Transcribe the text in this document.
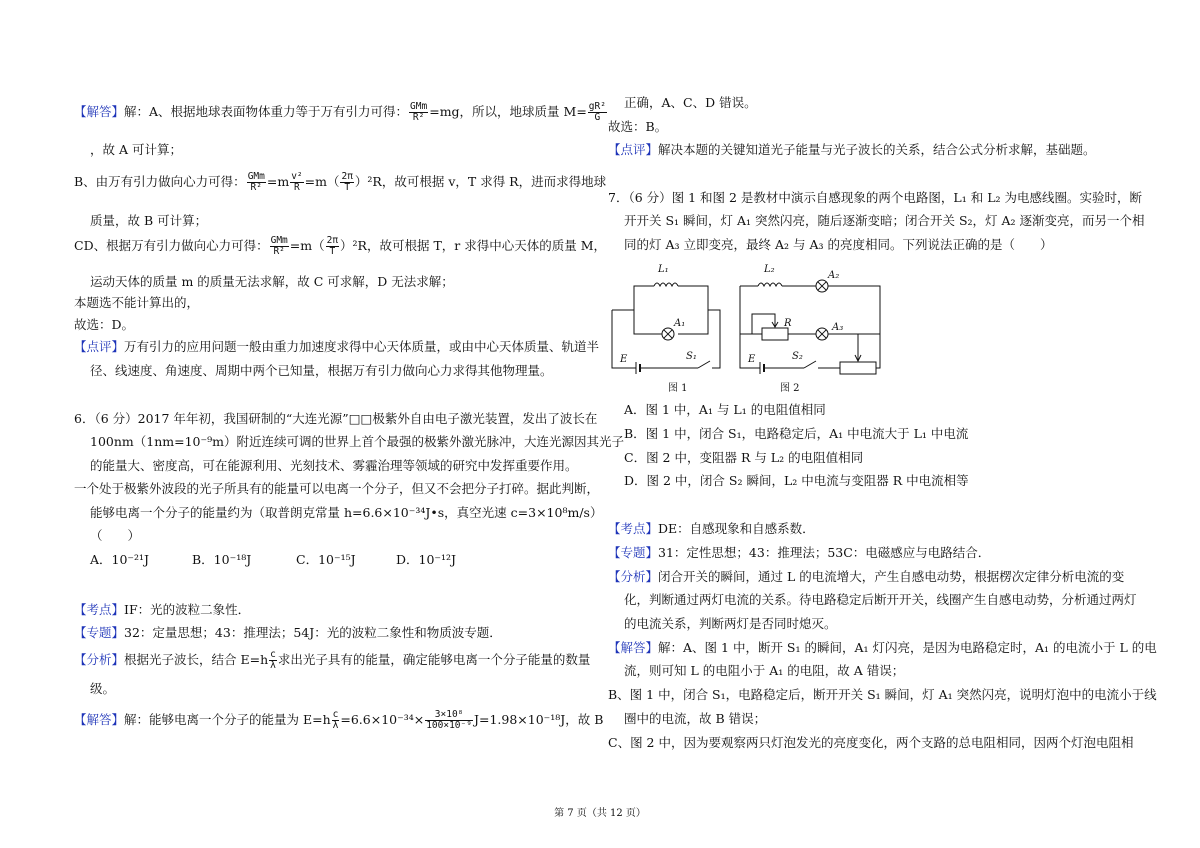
【解答】解：A、根据地球表面物体重力等于万有引力可得： $\frac{\text{GMm}}{\text{R²}} =mg$，所以，地球质量 $M= \frac{\text{gR²}}{G}$
，故 A 可计算；
B、由万有引力做向心力可得： $\frac{\text{GMm}}{\text{R²}} =m \frac{\text{v²}}{R} =m( \frac{2\pi}{T} )^2R$，故可根据 v，T 求得 R，进而求得地球
质量，故 B 可计算；
CD、根据万有引力做向心力可得： $\frac{\text{GMm}}{\text{R²}} =m( \frac{2\pi}{T} )^2R$，故可根据 T，r 求得中心天体的质量 M，
运动天体的质量 m 的质量无法求解，故 C 可求解，D 无法求解；
本题选不能计算出的，
故选：D。
【点评】万有引力的应用问题一般由重力加速度求得中心天体质量，或由中心天体质量、轨道半
径、线速度、角速度、周期中两个已知量，根据万有引力做向心力求得其他物理量。
6．（6 分）2017 年年初，我国研制的“大连光源”□□极紫外自由电子激光装置，发出了波长在
100nm（1nm=10⁻⁹m）附近连续可调的世界上首个最强的极紫外激光脉冲，大连光源因其光子
的能量大、密度高，可在能源利用、光刻技术、雾霾治理等领域的研究中发挥重要作用。
一个处于极紫外波段的光子所具有的能量可以电离一个分子，但又不会把分子打碎。据此判断，
能够电离一个分子的能量约为（取普朗克常量 h=6.6×10⁻³⁴J•s，真空光速 c=3×10⁸m/s）
（　　）
A．10⁻²¹J	B．10⁻¹⁸J	C．10⁻¹⁵J	D．10⁻¹²J
【考点】IF：光的波粒二象性．
【专题】32：定量思想；43：推理法；54J：光的波粒二象性和物质波专题．
【分析】根据光子波长，结合 $E=h \frac{c}{\lambda}$ 求出光子具有的能量，确定能够电离一个分子能量的数量
级。
【解答】解：能够电离一个分子的能量为 $E=h \frac{c}{\lambda} =6.6\times 10^{-34}\times \frac{\text{3×10⁸}}{\text{100×10⁻⁹}} J=1.98\times 10^{-18}J$，故 B
正确，A、C、D 错误。
故选：B。
【点评】解决本题的关键知道光子能量与光子波长的关系，结合公式分析求解，基础题。
7．（6 分）图 1 和图 2 是教材中演示自感现象的两个电路图，L₁ 和 L₂ 为电感线圈。实验时，断
开开关 S₁ 瞬间，灯 A₁ 突然闪亮，随后逐渐变暗；闭合开关 S₂，灯 A₂ 逐渐变亮，而另一个相
同的灯 A₃ 立即变亮，最终 A₂ 与 A₃ 的亮度相同。下列说法正确的是（　　）
A．图 1 中，A₁ 与 L₁ 的电阻值相同
B．图 1 中，闭合 S₁，电路稳定后，A₁ 中电流大于 L₁ 中电流
C．图 2 中，变阻器 R 与 L₂ 的电阻值相同
D．图 2 中，闭合 S₂ 瞬间，L₂ 中电流与变阻器 R 中电流相等
【考点】DE：自感现象和自感系数．
【专题】31：定性思想；43：推理法；53C：电磁感应与电路结合．
【分析】闭合开关的瞬间，通过 L 的电流增大，产生自感电动势，根据楞次定律分析电流的变
化，判断通过两灯电流的关系。待电路稳定后断开开关，线圈产生自感电动势，分析通过两灯
的电流关系，判断两灯是否同时熄灭。
【解答】解：A、图 1 中，断开 S₁ 的瞬间，A₁ 灯闪亮，是因为电路稳定时，A₁ 的电流小于 L 的电
流，则可知 L 的电阻小于 A₁ 的电阻，故 A 错误；
B、图 1 中，闭合 S₁，电路稳定后，断开开关 S₁ 瞬间，灯 A₁ 突然闪亮，说明灯泡中的电流小于线
圈中的电流，故 B 错误；
C、图 2 中，因为要观察两只灯泡发光的亮度变化，两个支路的总电阻相同，因两个灯泡电阻相
L₁
A₁
E	S₁
图 1
L₂
A₂
R	A₃
E	S₂
图 2
第 7 页（共 12 页）
